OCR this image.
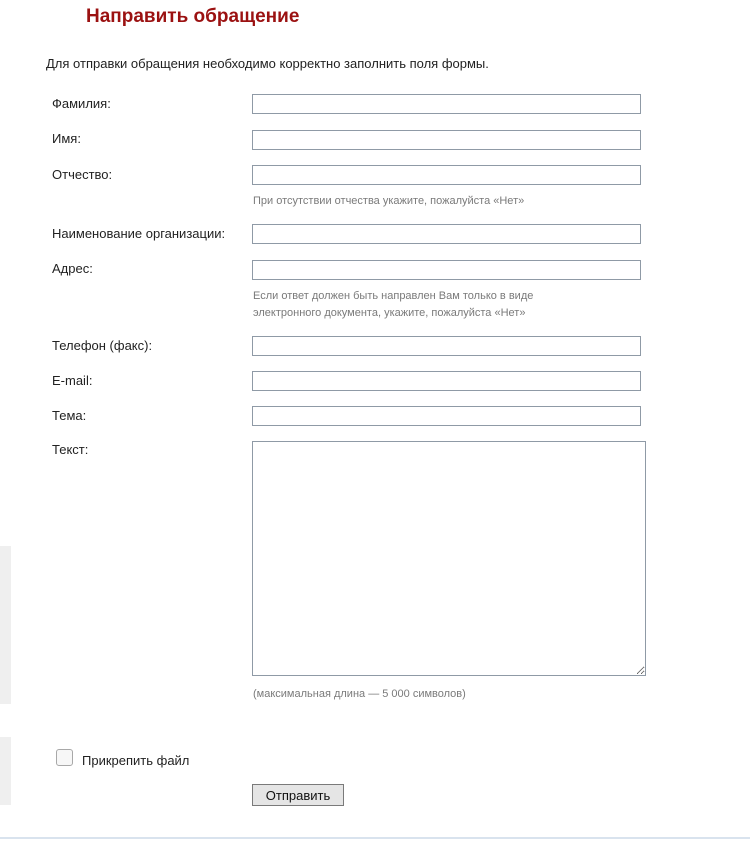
Направить обращение
Для отправки обращения необходимо корректно заполнить поля формы.
Фамилия:
Имя:
Отчество:
При отсутствии отчества укажите, пожалуйста «Нет»
Наименование организации:
Адрес:
Если ответ должен быть направлен Вам только в виде
электронного документа, укажите, пожалуйста «Нет»
Телефон (факс):
E-mail:
Тема:
Текст:
(максимальная длина — 5 000 символов)
Прикрепить файл
Отправить
